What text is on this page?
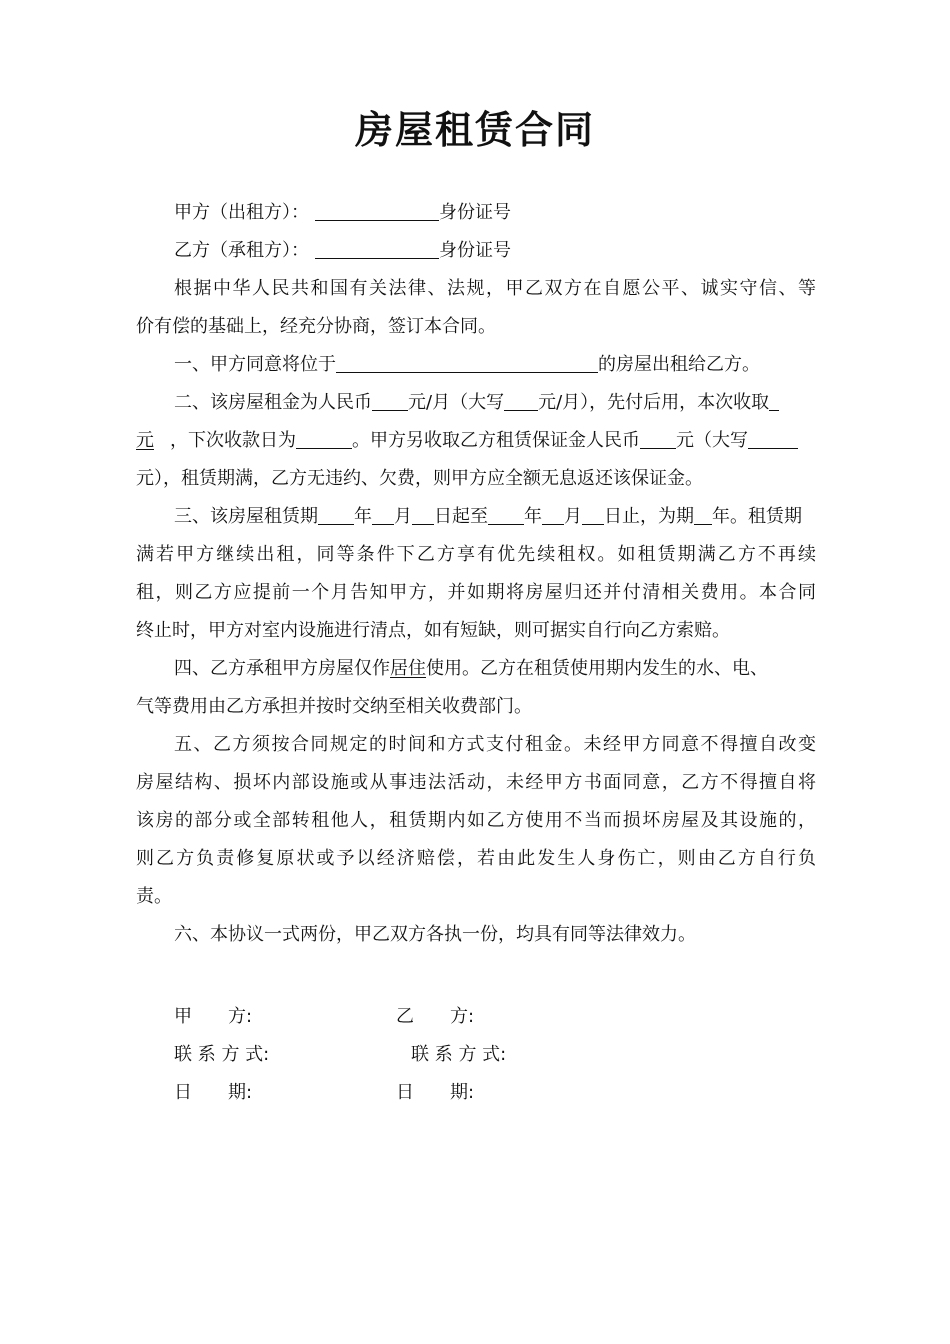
房屋租赁合同
甲方（出租方）：	身份证号
乙方（承租方）：	身份证号
根据中华人民共和国有关法律、法规，甲乙双方在自愿公平、诚实守信、等
价有偿的基础上，经充分协商，签订本合同。
一、甲方同意将位于	的房屋出租给乙方。
二、该房屋租金为人民币 元/月（大写 元/月），先付后用，本次收取
元 ，下次收款日为	。甲方另收取乙方租赁保证金人民币 元（大写
元），租赁期满，乙方无违约、欠费，则甲方应全额无息返还该保证金。
三、该房屋租赁期 年 月 日起至 年 月 日止，为期 年。租赁期
满若甲方继续出租，同等条件下乙方享有优先续租权。如租赁期满乙方不再续
租，则乙方应提前一个月告知甲方，并如期将房屋归还并付清相关费用。本合同
终止时，甲方对室内设施进行清点，如有短缺，则可据实自行向乙方索赔。
四、乙方承租甲方房屋仅作居住使用。乙方在租赁使用期内发生的水、电、
气等费用由乙方承担并按时交纳至相关收费部门。
五、乙方须按合同规定的时间和方式支付租金。未经甲方同意不得擅自改变
房屋结构、损坏内部设施或从事违法活动，未经甲方书面同意，乙方不得擅自将
该房的部分或全部转租他人，租赁期内如乙方使用不当而损坏房屋及其设施的，
则乙方负责修复原状或予以经济赔偿，若由此发生人身伤亡，则由乙方自行负
责。
六、本协议一式两份，甲乙双方各执一份，均具有同等法律效力。
甲　　方:	乙　　方:
联 系 方 式:	联 系 方 式:
日　　期:	日　　期:
